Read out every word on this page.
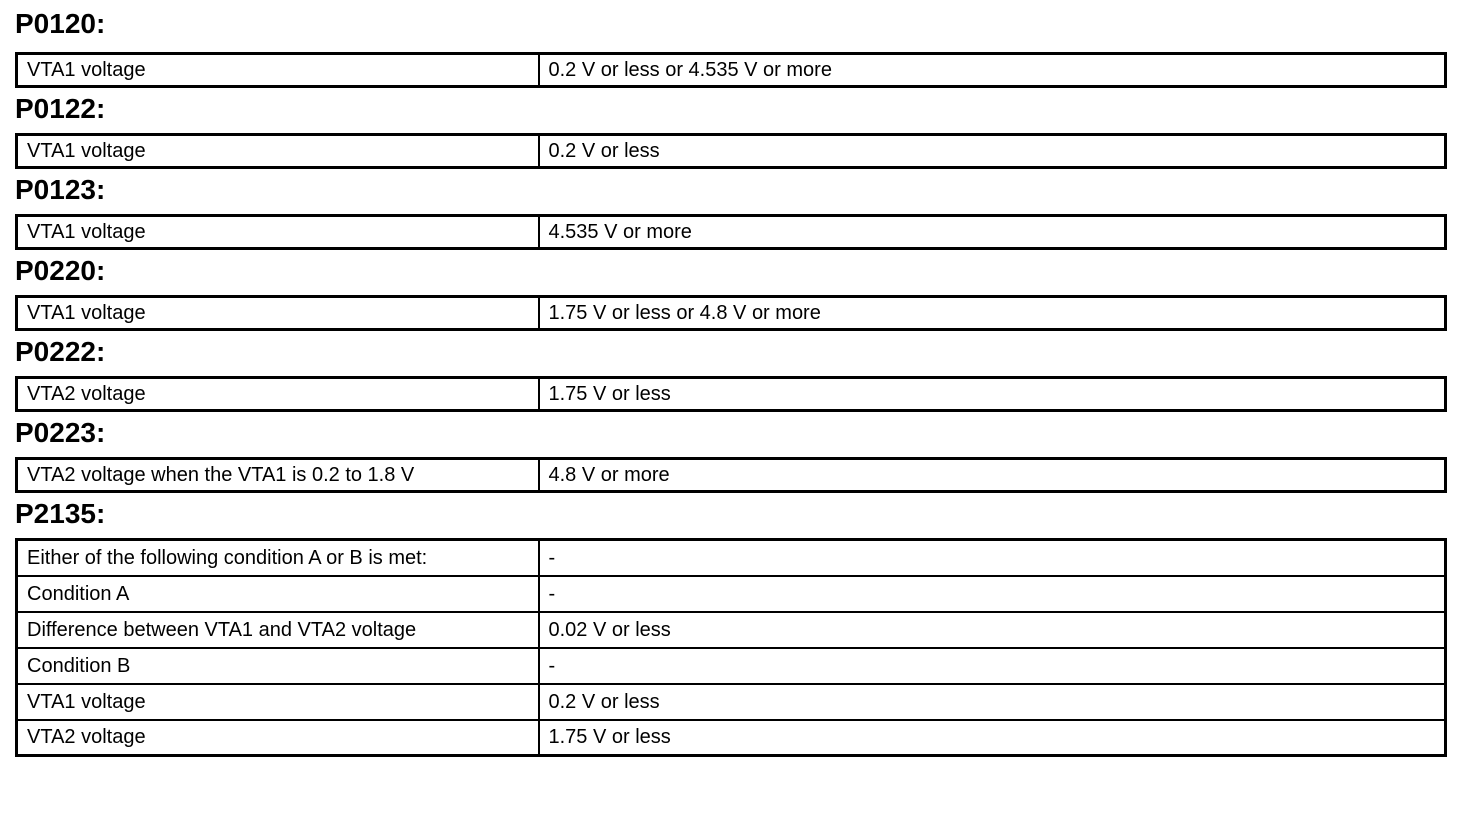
P0120:
VTA1 voltage	0.2 V or less or 4.535 V or more
P0122:
VTA1 voltage	0.2 V or less
P0123:
VTA1 voltage	4.535 V or more
P0220:
VTA1 voltage	1.75 V or less or 4.8 V or more
P0222:
VTA2 voltage	1.75 V or less
P0223:
VTA2 voltage when the VTA1 is 0.2 to 1.8 V	4.8 V or more
P2135:
Either of the following condition A or B is met:	-
Condition A	-
Difference between VTA1 and VTA2 voltage	0.02 V or less
Condition B	-
VTA1 voltage	0.2 V or less
VTA2 voltage	1.75 V or less
